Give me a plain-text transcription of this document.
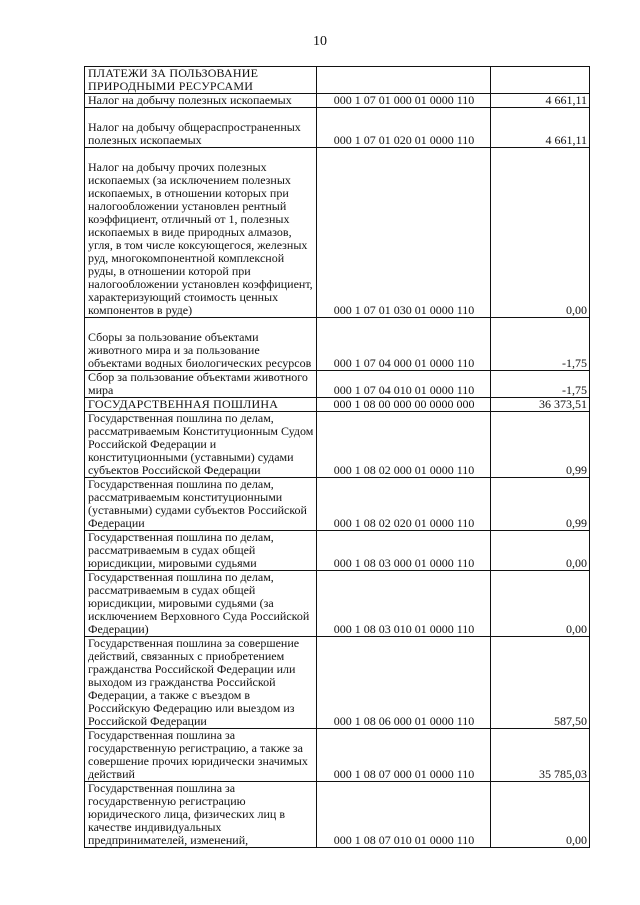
10
ПЛАТЕЖИ ЗА ПОЛЬЗОВАНИЕ ПРИРОДНЫМИ РЕСУРСАМИ		
Налог на добычу полезных ископаемых	000 1 07 01 000 01 0000 110	4 661,11
Налог на добычу общераспространенных полезных ископаемых	000 1 07 01 020 01 0000 110	4 661,11
Налог на добычу прочих полезных ископаемых (за исключением полезных ископаемых, в отношении которых при налогообложении установлен рентный коэффициент, отличный от 1, полезных ископаемых в виде природных алмазов, угля, в том числе коксующегося, железных руд, многокомпонентной комплексной руды, в отношении которой при налогообложении установлен коэффициент, характеризующий стоимость ценных компонентов в руде)	000 1 07 01 030 01 0000 110	0,00
Сборы за пользование объектами животного мира и за пользование объектами водных биологических ресурсов	000 1 07 04 000 01 0000 110	-1,75
Сбор за пользование объектами животного мира	000 1 07 04 010 01 0000 110	-1,75
ГОСУДАРСТВЕННАЯ ПОШЛИНА	000 1 08 00 000 00 0000 000	36 373,51
Государственная пошлина по делам, рассматриваемым Конституционным Судом Российской Федерации и конституционными (уставными) судами субъектов Российской Федерации	000 1 08 02 000 01 0000 110	0,99
Государственная пошлина по делам, рассматриваемым конституционными (уставными) судами субъектов Российской Федерации	000 1 08 02 020 01 0000 110	0,99
Государственная пошлина по делам, рассматриваемым в судах общей юрисдикции, мировыми судьями	000 1 08 03 000 01 0000 110	0,00
Государственная пошлина по делам, рассматриваемым в судах общей юрисдикции, мировыми судьями (за исключением Верховного Суда Российской Федерации)	000 1 08 03 010 01 0000 110	0,00
Государственная пошлина за совершение действий, связанных с приобретением гражданства Российской Федерации или выходом из гражданства Российской Федерации, а также с въездом в Российскую Федерацию или выездом из Российской Федерации	000 1 08 06 000 01 0000 110	587,50
Государственная пошлина за государственную регистрацию, а также за совершение прочих юридически значимых действий	000 1 08 07 000 01 0000 110	35 785,03
Государственная пошлина за государственную регистрацию юридического лица, физических лиц в качестве индивидуальных предпринимателей, изменений,	000 1 08 07 010 01 0000 110	0,00
